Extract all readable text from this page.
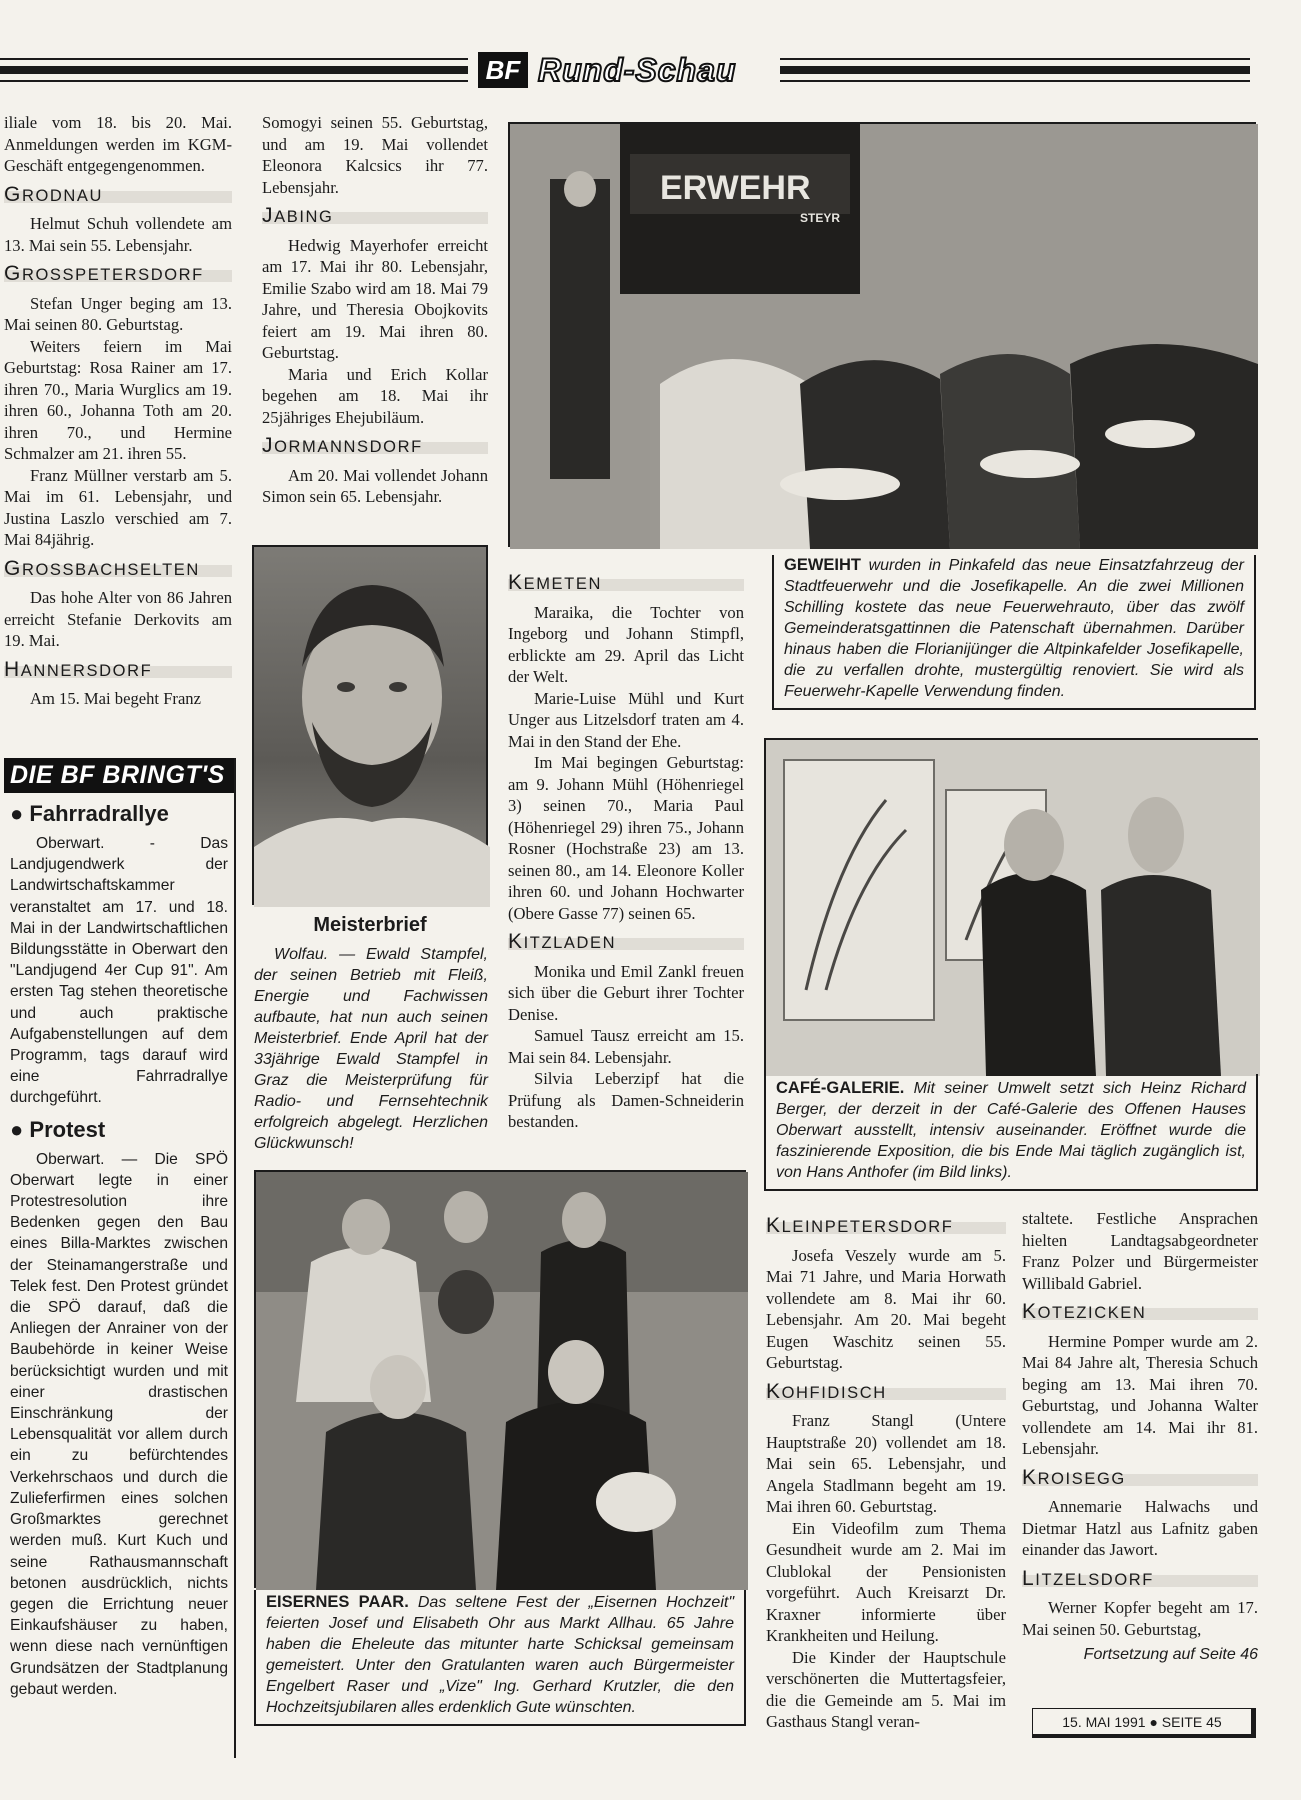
BF Rund-Schau
iliale vom 18. bis 20. Mai. Anmeldungen werden im KGM-Geschäft entgegengenommen.
GRODNAU

Helmut Schuh vollendete am 13. Mai sein 55. Lebensjahr.

GROSSPETERSDORF

Stefan Unger beging am 13. Mai seinen 80. Geburtstag.

Weiters feiern im Mai Geburtstag: Rosa Rainer am 17. ihren 70., Maria Wurglics am 19. ihren 60., Johanna Toth am 20. ihren 70., und Hermine Schmalzer am 21. ihren 55.

Franz Müllner verstarb am 5. Mai im 61. Lebensjahr, und Justina Laszlo verschied am 7. Mai 84jährig.

GROSSBACHSELTEN

Das hohe Alter von 86 Jahren erreicht Stefanie Derkovits am 19. Mai.

HANNERSDORF

Am 15. Mai begeht Franz

DIE BF BRINGT'S
● Fahrradrallye

Oberwart. - Das Landjugendwerk der Landwirtschaftskammer veranstaltet am 17. und 18. Mai in der Landwirtschaftlichen Bildungsstätte in Oberwart den "Landjugend 4er Cup 91". Am ersten Tag stehen theoretische und auch praktische Aufgabenstellungen auf dem Programm, tags darauf wird eine Fahrradrallye durchgeführt.

● Protest

Oberwart. — Die SPÖ Oberwart legte in einer Protestresolution ihre Bedenken gegen den Bau eines Billa-Marktes zwischen der Steinamangerstraße und Telek fest. Den Protest gründet die SPÖ darauf, daß die Anliegen der Anrainer von der Baubehörde in keiner Weise berücksichtigt wurden und mit einer drastischen Einschränkung der Lebensqualität vor allem durch ein zu befürchtendes Verkehrschaos und durch die Zulieferfirmen eines solchen Großmarktes gerechnet werden muß. Kurt Kuch und seine Rathausmannschaft betonen ausdrücklich, nichts gegen die Errichtung neuer Einkaufshäuser zu haben, wenn diese nach vernünftigen Grundsätzen der Stadtplanung gebaut werden.

Somogyi seinen 55. Geburtstag, und am 19. Mai vollendet Eleonora Kalcsics ihr 77. Lebensjahr.
JABING

Hedwig Mayerhofer erreicht am 17. Mai ihr 80. Lebensjahr, Emilie Szabo wird am 18. Mai 79 Jahre, und Theresia Obojkovits feiert am 19. Mai ihren 80. Geburtstag.

Maria und Erich Kollar begehen am 18. Mai ihr 25jähriges Ehejubiläum.

JORMANNSDORF

Am 20. Mai vollendet Johann Simon sein 65. Lebensjahr.

Meisterbrief
Wolfau. — Ewald Stampfel, der seinen Betrieb mit Fleiß, Energie und Fachwissen aufbaute, hat nun auch seinen Meisterbrief. Ende April hat der 33jährige Ewald Stampfel in Graz die Meisterprüfung für Radio- und Fernsehtechnik erfolgreich abgelegt. Herzlichen Glückwunsch!
KEMETEN

Maraika, die Tochter von Ingeborg und Johann Stimpfl, erblickte am 29. April das Licht der Welt.

Marie-Luise Mühl und Kurt Unger aus Litzelsdorf traten am 4. Mai in den Stand der Ehe.

Im Mai begingen Geburtstag: am 9. Johann Mühl (Höhenriegel 3) seinen 70., Maria Paul (Höhenriegel 29) ihren 75., Johann Rosner (Hochstraße 23) am 13. seinen 80., am 14. Eleonore Koller ihren 60. und Johann Hochwarter (Obere Gasse 77) seinen 65.

KITZLADEN

Monika und Emil Zankl freuen sich über die Geburt ihrer Tochter Denise.

Samuel Tausz erreicht am 15. Mai sein 84. Lebensjahr.

Silvia Leberzipf hat die Prüfung als Damen-Schneiderin bestanden.

ERWEHR
STEYR
GEWEIHT wurden in Pinkafeld das neue Einsatzfahrzeug der Stadtfeuerwehr und die Josefikapelle. An die zwei Millionen Schilling kostete das neue Feuerwehrauto, über das zwölf Gemeinderatsgattinnen die Patenschaft übernahmen. Darüber hinaus haben die Florianijünger die Altpinkafelder Josefikapelle, die zu verfallen drohte, mustergültig renoviert. Sie wird als Feuerwehr-Kapelle Verwendung finden.
CAFÉ-GALERIE. Mit seiner Umwelt setzt sich Heinz Richard Berger, der derzeit in der Café-Galerie des Offenen Hauses Oberwart ausstellt, intensiv auseinander. Eröffnet wurde die faszinierende Exposition, die bis Ende Mai täglich zugänglich ist, von Hans Anthofer (im Bild links).
EISERNES PAAR. Das seltene Fest der „Eisernen Hochzeit" feierten Josef und Elisabeth Ohr aus Markt Allhau. 65 Jahre haben die Eheleute das mitunter harte Schicksal gemeinsam gemeistert. Unter den Gratulanten waren auch Bürgermeister Engelbert Raser und „Vize" Ing. Gerhard Krutzler, die den Hochzeitsjubilaren alles erdenklich Gute wünschten.
KLEINPETERSDORF

Josefa Veszely wurde am 5. Mai 71 Jahre, und Maria Horwath vollendete am 8. Mai ihr 60. Lebensjahr. Am 20. Mai begeht Eugen Waschitz seinen 55. Geburtstag.

KOHFIDISCH

Franz Stangl (Untere Hauptstraße 20) vollendet am 18. Mai sein 65. Lebensjahr, und Angela Stadlmann begeht am 19. Mai ihren 60. Geburtstag.

Ein Videofilm zum Thema Gesundheit wurde am 2. Mai im Clublokal der Pensionisten vorgeführt. Auch Kreisarzt Dr. Kraxner informierte über Krankheiten und Heilung.

Die Kinder der Hauptschule verschönerten die Muttertagsfeier, die die Gemeinde am 5. Mai im Gasthaus Stangl veran-

staltete. Festliche Ansprachen hielten Landtagsabgeordneter Franz Polzer und Bürgermeister Willibald Gabriel.
KOTEZICKEN

Hermine Pomper wurde am 2. Mai 84 Jahre alt, Theresia Schuch beging am 13. Mai ihren 70. Geburtstag, und Johanna Walter vollendete am 14. Mai ihr 81. Lebensjahr.

KROISEGG

Annemarie Halwachs und Dietmar Hatzl aus Lafnitz gaben einander das Jawort.

LITZELSDORF

Werner Kopfer begeht am 17. Mai seinen 50. Geburtstag,

Fortsetzung auf Seite 46
15. MAI 1991 ● SEITE 45
